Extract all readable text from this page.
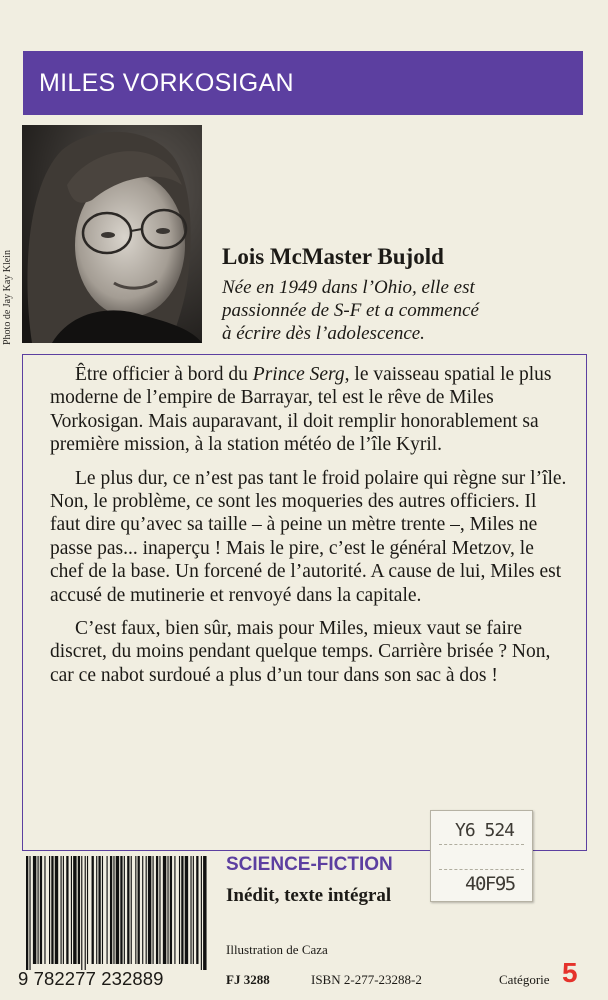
MILES VORKOSIGAN
Photo de Jay Kay Klein	Lois McMaster Bujold
Née en 1949 dans l’Ohio, elle est
passionnée de S-F et a commencé
à écrire dès l’adolescence.

Être officier à bord du Prince Serg, le vaisseau spatial le plus moderne de l’empire de Barrayar, tel est le rêve de Miles Vorkosigan. Mais auparavant, il doit remplir honorablement sa première mission, à la station météo de l’île Kyril.

Le plus dur, ce n’est pas tant le froid polaire qui règne sur l’île. Non, le problème, ce sont les moqueries des autres officiers. Il faut dire qu’avec sa taille – à peine un mètre trente –, Miles ne passe pas... inaperçu ! Mais le pire, c’est le général Metzov, le chef de la base. Un forcené de l’autorité. A cause de lui, Miles est accusé de mutinerie et renvoyé dans la capitale.

C’est faux, bien sûr, mais pour Miles, mieux vaut se faire discret, du moins pendant quelque temps. Carrière brisée ? Non, car ce nabot surdoué a plus d’un tour dans son sac à dos !

Y6 524
40F95
9 782277 232889
SCIENCE-FICTION
Inédit, texte intégral
Illustration de Caza
FJ 3288	ISBN 2-277-23288-2	Catégorie 5
